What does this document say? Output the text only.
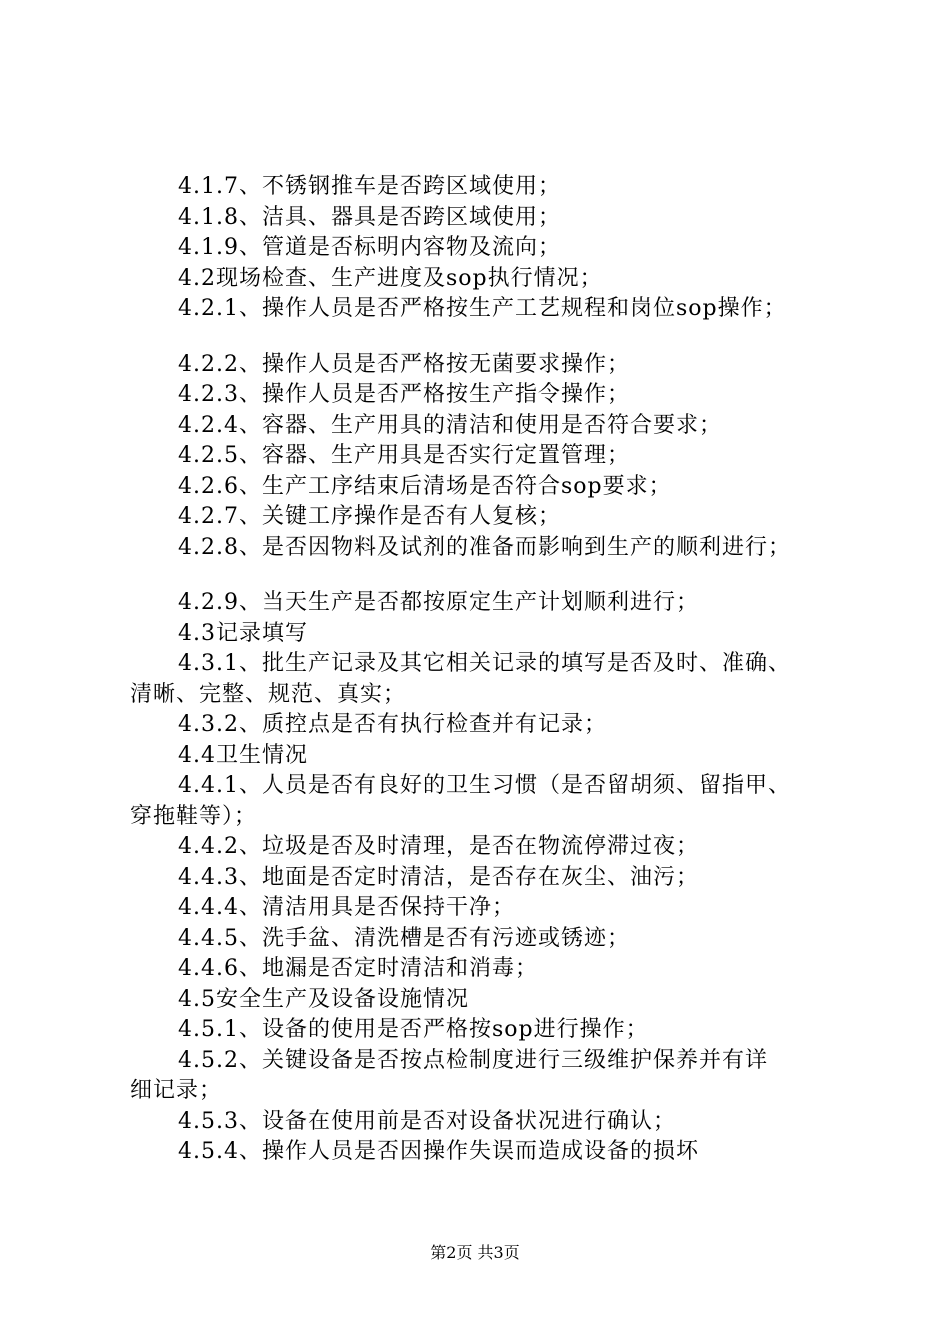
4.1.7、不锈钢推车是否跨区域使用；
4.1.8、洁具、器具是否跨区域使用；
4.1.9、管道是否标明内容物及流向；
4.2现场检查、生产进度及sop执行情况；
4.2.1、操作人员是否严格按生产工艺规程和岗位sop操作；
4.2.2、操作人员是否严格按无菌要求操作；
4.2.3、操作人员是否严格按生产指令操作；
4.2.4、容器、生产用具的清洁和使用是否符合要求；
4.2.5、容器、生产用具是否实行定置管理；
4.2.6、生产工序结束后清场是否符合sop要求；
4.2.7、关键工序操作是否有人复核；
4.2.8、是否因物料及试剂的准备而影响到生产的顺利进行；
4.2.9、当天生产是否都按原定生产计划顺利进行；
4.3记录填写
4.3.1、批生产记录及其它相关记录的填写是否及时、准确、
清晰、完整、规范、真实；
4.3.2、质控点是否有执行检查并有记录；
4.4卫生情况
4.4.1、人员是否有良好的卫生习惯（是否留胡须、留指甲、
穿拖鞋等）；
4.4.2、垃圾是否及时清理，是否在物流停滞过夜；
4.4.3、地面是否定时清洁，是否存在灰尘、油污；
4.4.4、清洁用具是否保持干净；
4.4.5、洗手盆、清洗槽是否有污迹或锈迹；
4.4.6、地漏是否定时清洁和消毒；
4.5安全生产及设备设施情况
4.5.1、设备的使用是否严格按sop进行操作；
4.5.2、关键设备是否按点检制度进行三级维护保养并有详
细记录；
4.5.3、设备在使用前是否对设备状况进行确认；
4.5.4、操作人员是否因操作失误而造成设备的损坏
第2页 共3页
